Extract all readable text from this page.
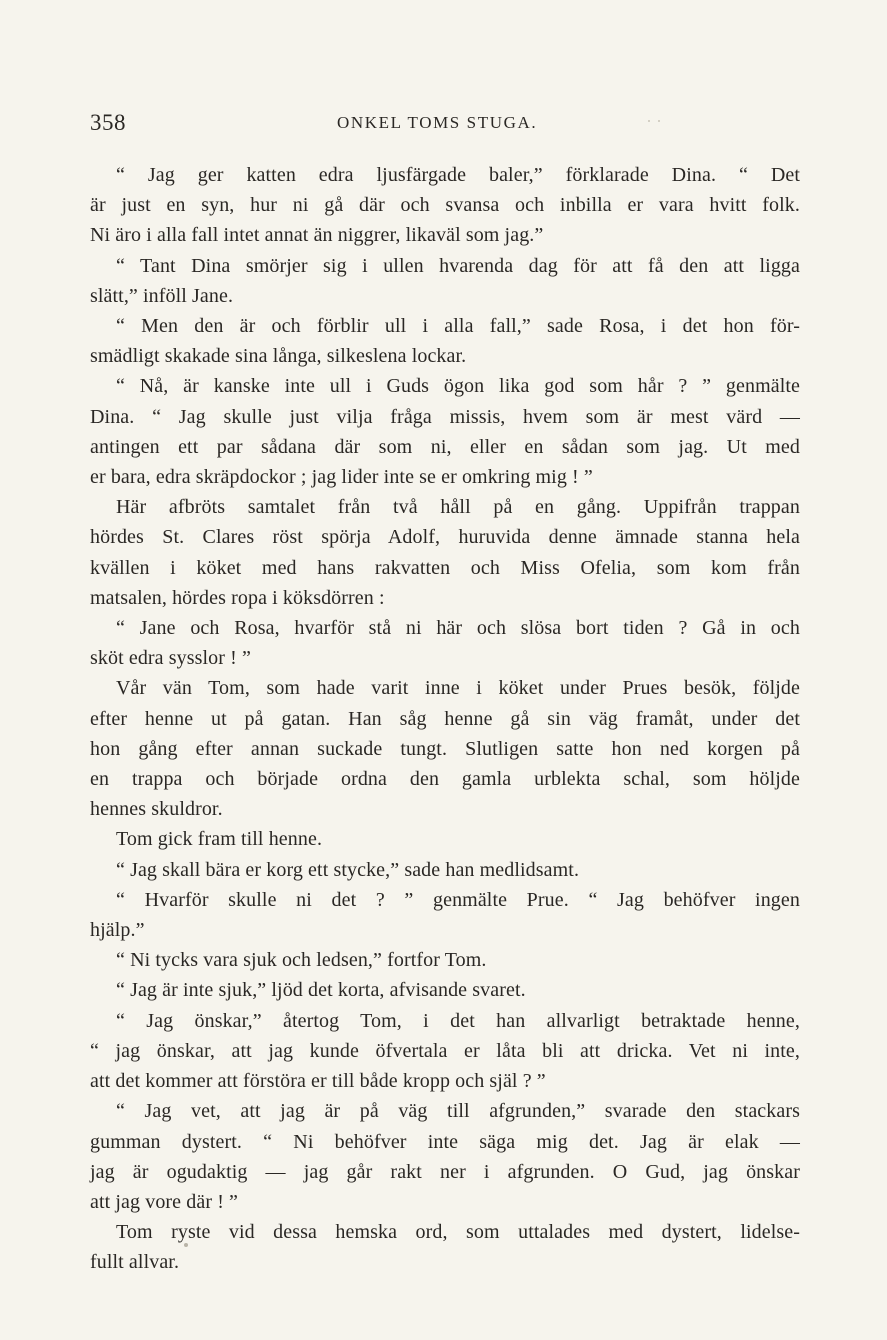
358	ONKEL TOMS STUGA.
“ Jag ger katten edra ljusfärgade baler,” förklarade Dina. “ Det
är just en syn, hur ni gå där och svansa och inbilla er vara hvitt folk.
Ni äro i alla fall intet annat än niggrer, likaväl som jag.”
“ Tant Dina smörjer sig i ullen hvarenda dag för att få den att ligga
slätt,” inföll Jane.
“ Men den är och förblir ull i alla fall,” sade Rosa, i det hon för-
smädligt skakade sina långa, silkeslena lockar.
“ Nå, är kanske inte ull i Guds ögon lika god som hår ? ” genmälte
Dina. “ Jag skulle just vilja fråga missis, hvem som är mest värd —
antingen ett par sådana där som ni, eller en sådan som jag. Ut med
er bara, edra skräpdockor ; jag lider inte se er omkring mig ! ”
Här afbröts samtalet från två håll på en gång. Uppifrån trappan
hördes St. Clares röst spörja Adolf, huruvida denne ämnade stanna hela
kvällen i köket med hans rakvatten och Miss Ofelia, som kom från
matsalen, hördes ropa i köksdörren :
“ Jane och Rosa, hvarför stå ni här och slösa bort tiden ? Gå in och
sköt edra sysslor ! ”
Vår vän Tom, som hade varit inne i köket under Prues besök, följde
efter henne ut på gatan. Han såg henne gå sin väg framåt, under det
hon gång efter annan suckade tungt. Slutligen satte hon ned korgen på
en trappa och började ordna den gamla urblekta schal, som höljde
hennes skuldror.
Tom gick fram till henne.
“ Jag skall bära er korg ett stycke,” sade han medlidsamt.
“ Hvarför skulle ni det ? ” genmälte Prue. “ Jag behöfver ingen
hjälp.”
“ Ni tycks vara sjuk och ledsen,” fortfor Tom.
“ Jag är inte sjuk,” ljöd det korta, afvisande svaret.
“ Jag önskar,” återtog Tom, i det han allvarligt betraktade henne,
“ jag önskar, att jag kunde öfvertala er låta bli att dricka. Vet ni inte,
att det kommer att förstöra er till både kropp och själ ? ”
“ Jag vet, att jag är på väg till afgrunden,” svarade den stackars
gumman dystert. “ Ni behöfver inte säga mig det. Jag är elak —
jag är ogudaktig — jag går rakt ner i afgrunden. O Gud, jag önskar
att jag vore där ! ”
Tom ryste vid dessa hemska ord, som uttalades med dystert, lidelse-
fullt allvar.
